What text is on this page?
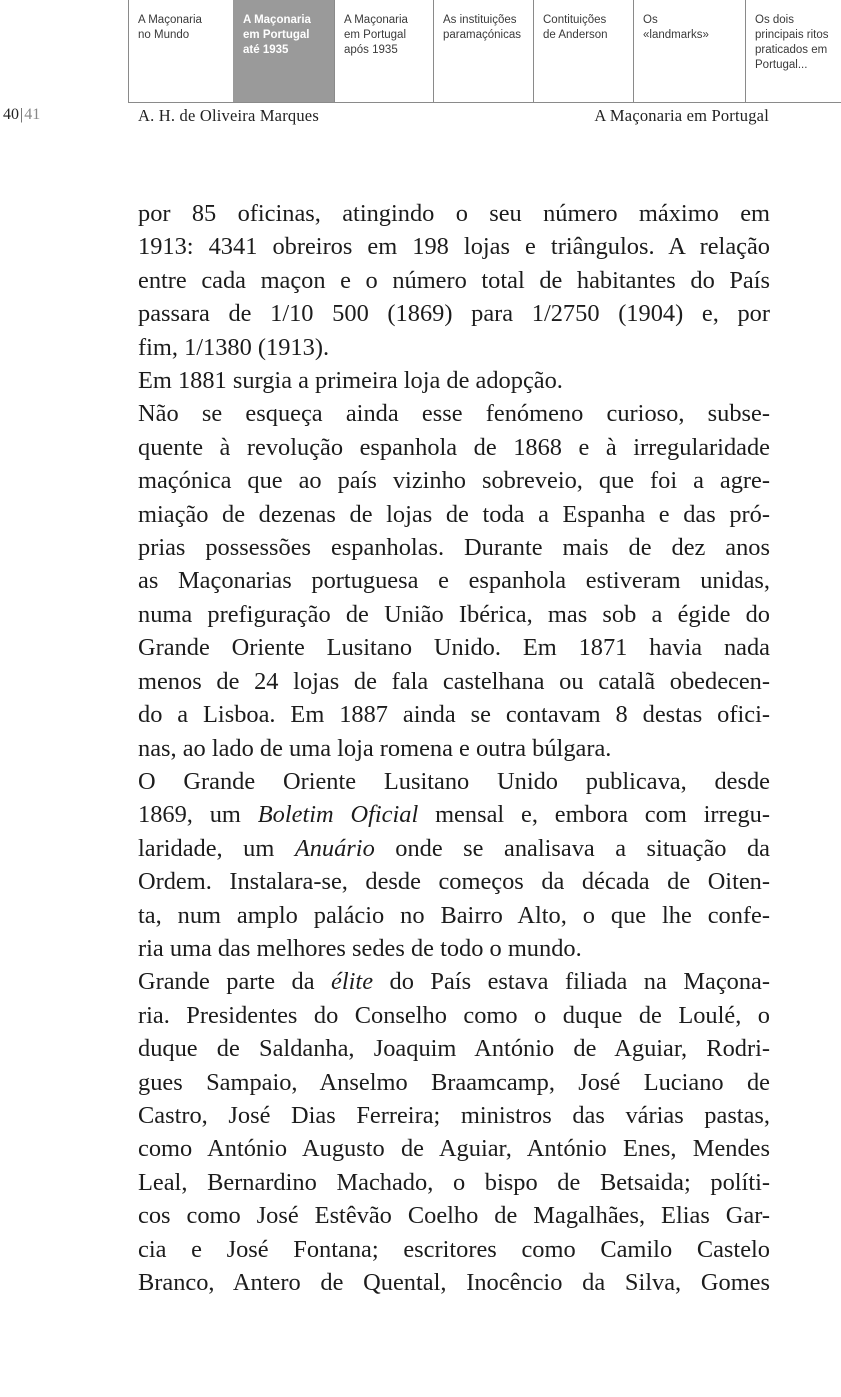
A Maçonaria
no Mundo
A Maçonaria
em Portugal
até 1935
A Maçonaria
em Portugal
após 1935
As instituições
paramaçónicas
Contituições
de Anderson
Os
«landmarks»
Os dois
principais ritos
praticados em
Portugal...
40|41	A. H. de Oliveira Marques	A Maçonaria em Portugal
por 85 oficinas, atingindo o seu número máximo em
1913: 4341 obreiros em 198 lojas e triângulos. A relação
entre cada maçon e o número total de habitantes do País
passara de 1/10 500 (1869) para 1/2750 (1904) e, por
fim, 1/1380 (1913).
Em 1881 surgia a primeira loja de adopção.
Não se esqueça ainda esse fenómeno curioso, subse-
quente à revolução espanhola de 1868 e à irregularidade
maçónica que ao país vizinho sobreveio, que foi a agre-
miação de dezenas de lojas de toda a Espanha e das pró-
prias possessões espanholas. Durante mais de dez anos
as Maçonarias portuguesa e espanhola estiveram unidas,
numa prefiguração de União Ibérica, mas sob a égide do
Grande Oriente Lusitano Unido. Em 1871 havia nada
menos de 24 lojas de fala castelhana ou catalã obedecen-
do a Lisboa. Em 1887 ainda se contavam 8 destas ofici-
nas, ao lado de uma loja romena e outra búlgara.
O Grande Oriente Lusitano Unido publicava, desde
1869, um Boletim Oficial mensal e, embora com irregu-
laridade, um Anuário onde se analisava a situação da
Ordem. Instalara-se, desde começos da década de Oiten-
ta, num amplo palácio no Bairro Alto, o que lhe confe-
ria uma das melhores sedes de todo o mundo.
Grande parte da élite do País estava filiada na Maçona-
ria. Presidentes do Conselho como o duque de Loulé, o
duque de Saldanha, Joaquim António de Aguiar, Rodri-
gues Sampaio, Anselmo Braamcamp, José Luciano de
Castro, José Dias Ferreira; ministros das várias pastas,
como António Augusto de Aguiar, António Enes, Mendes
Leal, Bernardino Machado, o bispo de Betsaida; políti-
cos como José Estêvão Coelho de Magalhães, Elias Gar-
cia e José Fontana; escritores como Camilo Castelo
Branco, Antero de Quental, Inocêncio da Silva, Gomes
